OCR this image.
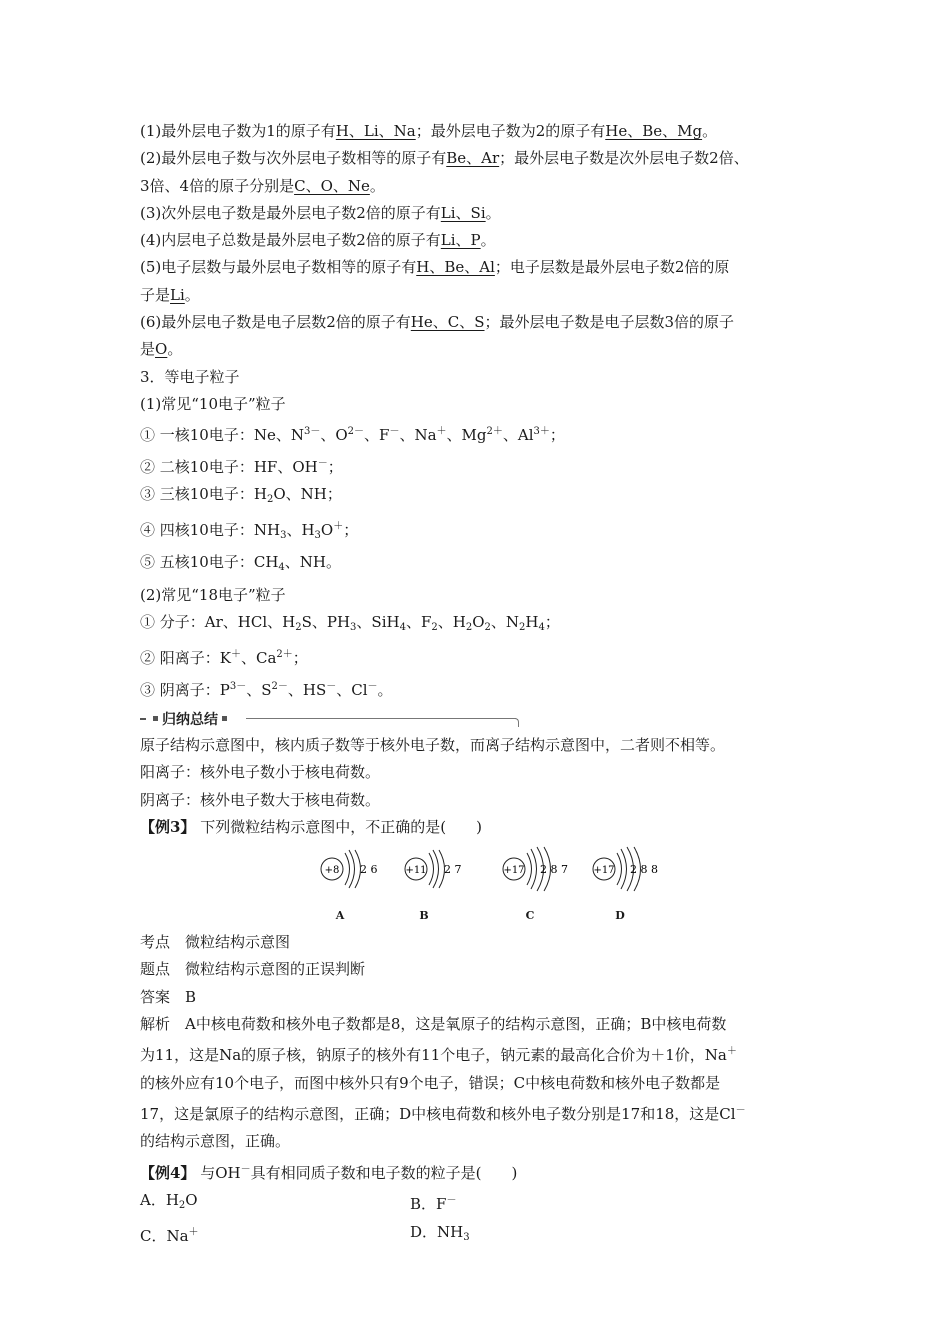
(1)最外层电子数为1的原子有H、Li、Na；最外层电子数为2的原子有He、Be、Mg。
(2)最外层电子数与次外层电子数相等的原子有Be、Ar；最外层电子数是次外层电子数2倍、
3倍、4倍的原子分别是C、O、Ne。
(3)次外层电子数是最外层电子数2倍的原子有Li、Si。
(4)内层电子总数是最外层电子数2倍的原子有Li、P。
(5)电子层数与最外层电子数相等的原子有H、Be、Al；电子层数是最外层电子数2倍的原
子是Li。
(6)最外层电子数是电子层数2倍的原子有He、C、S；最外层电子数是电子层数3倍的原子
是O。
3．等电子粒子
(1)常见“10电子”粒子
① 一核10电子：Ne、$N^{3-}$、$O^{2-}$、F－、Na＋、$Mg^{2+}$、$Al^{3+}$；
② 二核10电子：HF、OH－；
③ 三核10电子：$H_2O$、NH；
④ 四核10电子：$NH_3$、$H_3O^+$；
⑤ 五核10电子：$CH_4$、NH。
(2)常见“18电子”粒子
① 分子：Ar、HCl、$H_2S$、$PH_3$、SiH$_4$、$F_2$、$H_2O_2$、$N_2H_4$；
② 阳离子：K＋、$Ca^{2+}$；
③ 阴离子：$P^{3-}$、$S^{2-}$、HS－、Cl－。
归纳总结
原子结构示意图中，核内质子数等于核外电子数，而离子结构示意图中，二者则不相等。
阳离子：核外电子数小于核电荷数。
阴离子：核外电子数大于核电荷数。
【例3】 下列微粒结构示意图中，不正确的是(　　)
+8 2 6
A
+11 2 7
B
+17 2 8 7
C
+17 2 8 8
D
考点　 微粒结构示意图
题点　 微粒结构示意图的正误判断
答案　 B
解析　 A中核电荷数和核外电子数都是8，这是氧原子的结构示意图，正确；B中核电荷数
为11，这是Na的原子核，钠原子的核外有11个电子，钠元素的最高化合价为＋1价，Na＋
的核外应有10个电子，而图中核外只有9个电子，错误；C中核电荷数和核外电子数都是
17，这是氯原子的结构示意图，正确；D中核电荷数和核外电子数分别是17和18，这是Cl－
的结构示意图，正确。
【例4】 与OH－具有相同质子数和电子数的粒子是(　　)
A．$H_2O$	B．F－
C．Na＋	D．$NH_3$
